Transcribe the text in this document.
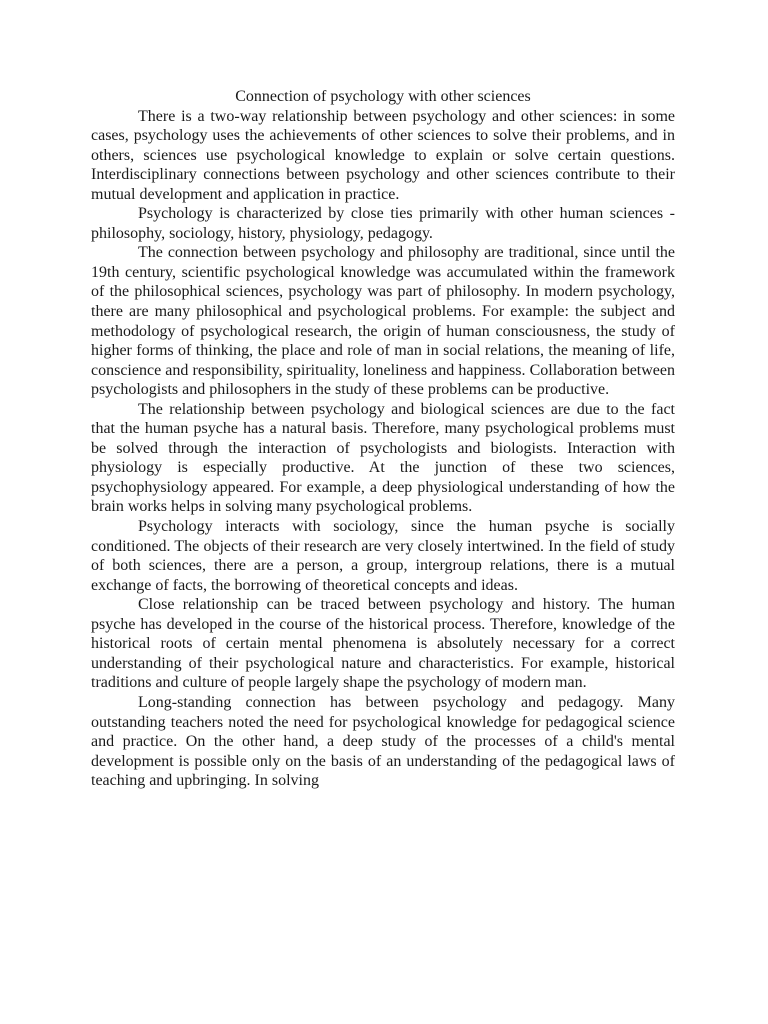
Connection of psychology with other sciences

There is a two-way relationship between psychology and other sciences: in some cases, psychology uses the achievements of other sciences to solve their problems, and in others, sciences use psychological knowledge to explain or solve certain questions. Interdisciplinary connections between psychology and other sciences contribute to their mutual development and application in practice.

Psychology is characterized by close ties primarily with other human sciences - philosophy, sociology, history, physiology, pedagogy.

The connection between psychology and philosophy are traditional, since until the 19th century, scientific psychological knowledge was accumulated within the framework of the philosophical sciences, psychology was part of philosophy. In modern psychology, there are many philosophical and psychological problems. For example: the subject and methodology of psychological research, the origin of human consciousness, the study of higher forms of thinking, the place and role of man in social relations, the meaning of life, conscience and responsibility, spirituality, loneliness and happiness. Collaboration between psychologists and philosophers in the study of these problems can be productive.

The relationship between psychology and biological sciences are due to the fact that the human psyche has a natural basis. Therefore, many psychological problems must be solved through the interaction of psychologists and biologists. Interaction with physiology is especially productive. At the junction of these two sciences, psychophysiology appeared. For example, a deep physiological understanding of how the brain works helps in solving many psychological problems.

Psychology interacts with sociology, since the human psyche is socially conditioned. The objects of their research are very closely intertwined. In the field of study of both sciences, there are a person, a group, intergroup relations, there is a mutual exchange of facts, the borrowing of theoretical concepts and ideas.

Close relationship can be traced between psychology and history. The human psyche has developed in the course of the historical process. Therefore, knowledge of the historical roots of certain mental phenomena is absolutely necessary for a correct understanding of their psychological nature and characteristics. For example, historical traditions and culture of people largely shape the psychology of modern man.

Long-standing connection has between psychology and pedagogy. Many outstanding teachers noted the need for psychological knowledge for pedagogical science and practice. On the other hand, a deep study of the processes of a child's mental development is possible only on the basis of an understanding of the pedagogical laws of teaching and upbringing. In solving
